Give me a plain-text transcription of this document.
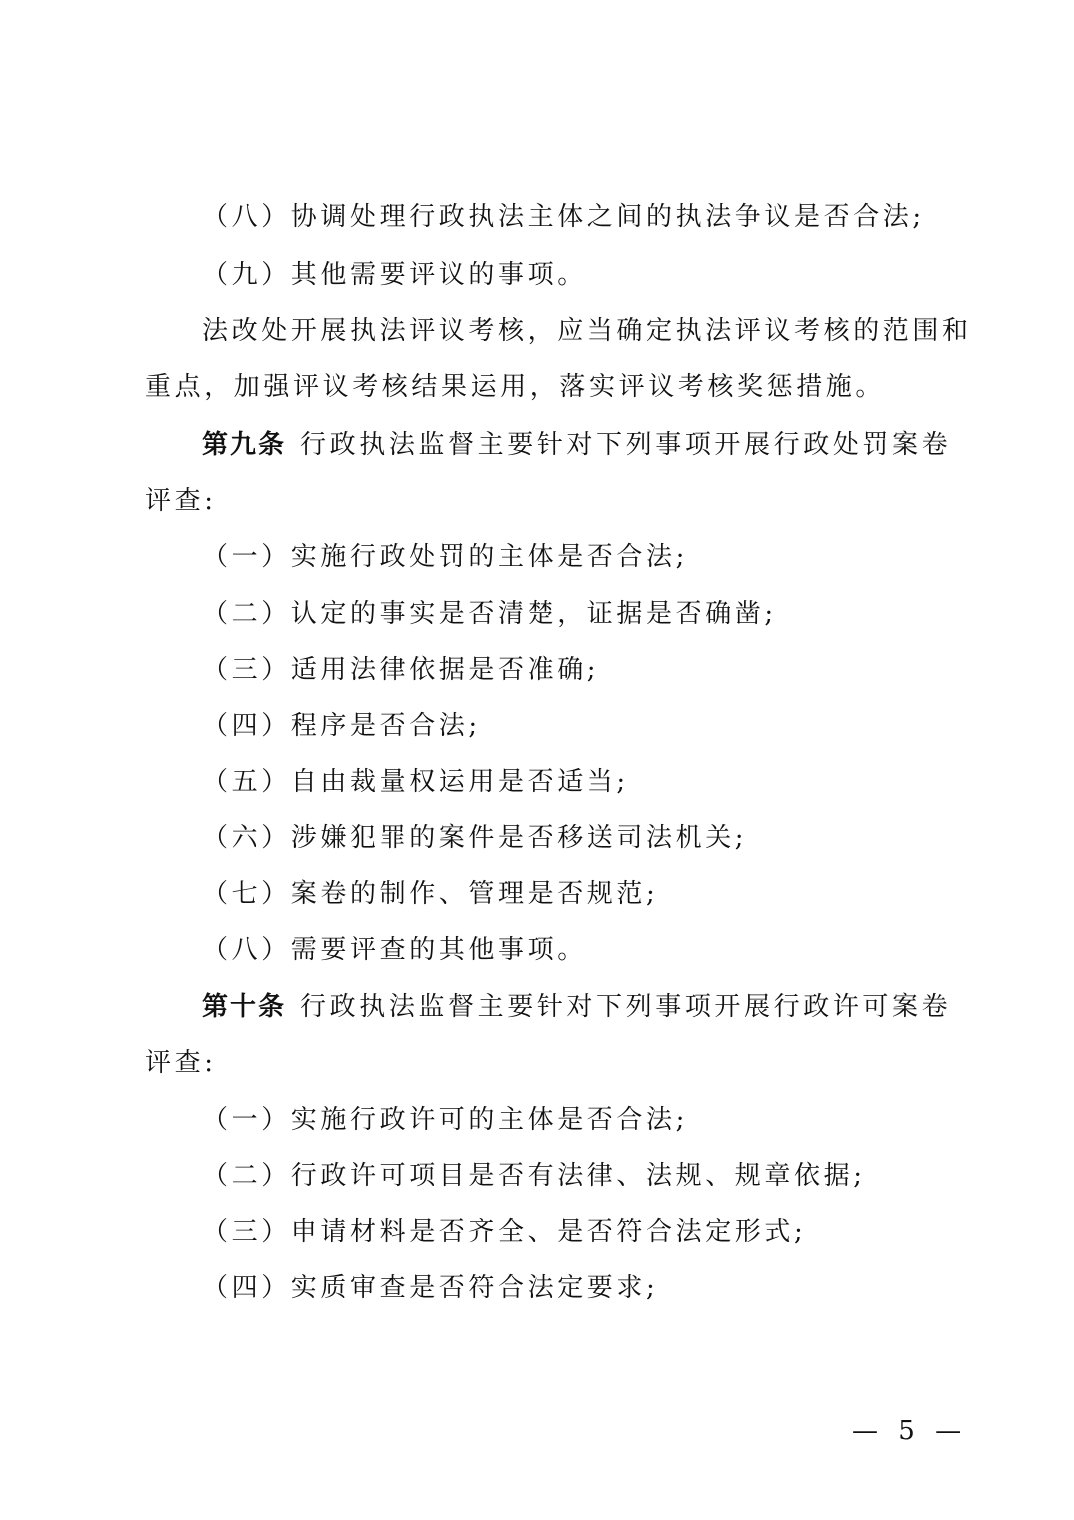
（八）协调处理行政执法主体之间的执法争议是否合法;
（九）其他需要评议的事项。
法改处开展执法评议考核，应当确定执法评议考核的范围和
重点，加强评议考核结果运用，落实评议考核奖惩措施。
第九条 行政执法监督主要针对下列事项开展行政处罚案卷
评查:
（一）实施行政处罚的主体是否合法;
（二）认定的事实是否清楚，证据是否确凿;
（三）适用法律依据是否准确;
（四）程序是否合法;
（五）自由裁量权运用是否适当;
（六）涉嫌犯罪的案件是否移送司法机关;
（七）案卷的制作、管理是否规范;
（八）需要评查的其他事项。
第十条 行政执法监督主要针对下列事项开展行政许可案卷
评查:
（一）实施行政许可的主体是否合法;
（二）行政许可项目是否有法律、法规、规章依据;
（三）申请材料是否齐全、是否符合法定形式;
（四）实质审查是否符合法定要求;
— 5 —
